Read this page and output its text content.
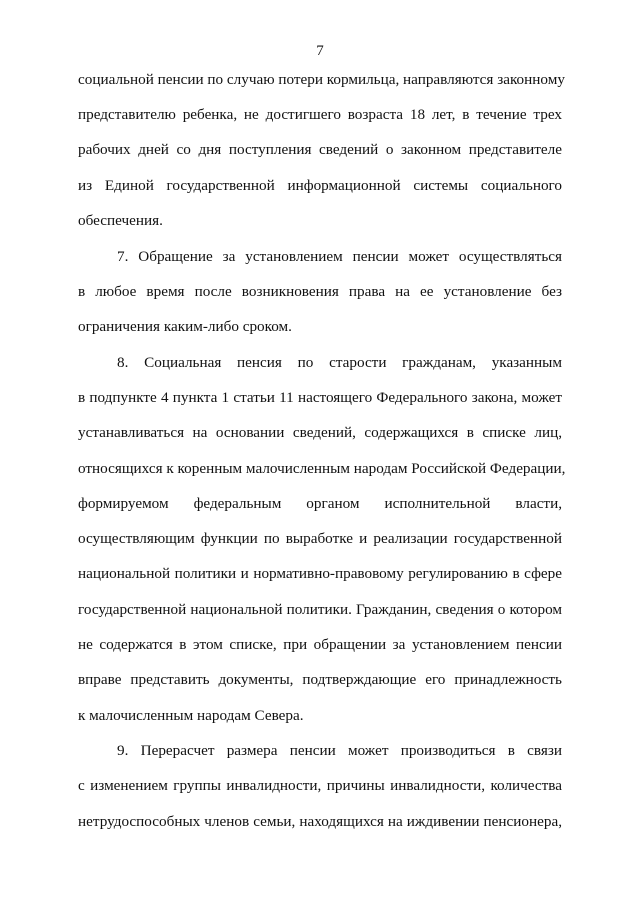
7
социальной пенсии по случаю потери кормильца, направляются законному
представителю ребенка, не достигшего возраста 18 лет, в течение трех
рабочих дней со дня поступления сведений о законном представителе
из Единой государственной информационной системы социального
обеспечения.
7. Обращение за установлением пенсии может осуществляться
в любое время после возникновения права на ее установление без
ограничения каким-либо сроком.
8. Социальная пенсия по старости гражданам, указанным
в подпункте 4 пункта 1 статьи 11 настоящего Федерального закона, может
устанавливаться на основании сведений, содержащихся в списке лиц,
относящихся к коренным малочисленным народам Российской Федерации,
формируемом федеральным органом исполнительной власти,
осуществляющим функции по выработке и реализации государственной
национальной политики и нормативно-правовому регулированию в сфере
государственной национальной политики. Гражданин, сведения о котором
не содержатся в этом списке, при обращении за установлением пенсии
вправе представить документы, подтверждающие его принадлежность
к малочисленным народам Севера.
9. Перерасчет размера пенсии может производиться в связи
с изменением группы инвалидности, причины инвалидности, количества
нетрудоспособных членов семьи, находящихся на иждивении пенсионера,
